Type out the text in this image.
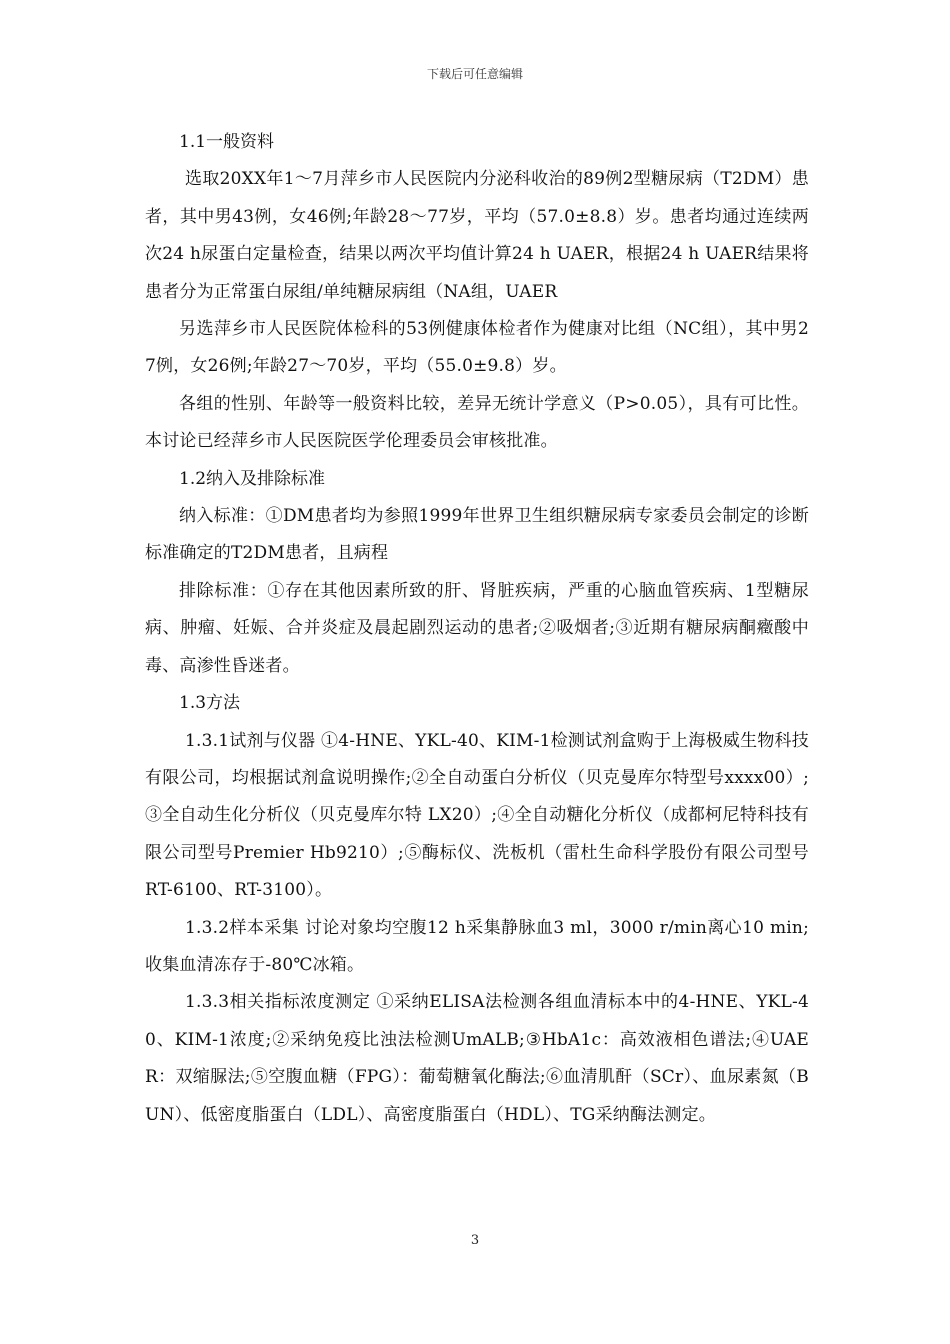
下载后可任意编辑

1.1一般资料

选取20XX年1～7月萍乡市人民医院内分泌科收治的89例2型糖尿病（T2DM）患者，其中男43例，女46例;年龄28～77岁，平均（57.0±8.8）岁。患者均通过连续两次24 h尿蛋白定量检查，结果以两次平均值计算24 h UAER，根据24 h UAER结果将患者分为正常蛋白尿组/单纯糖尿病组（NA组，UAER

另选萍乡市人民医院体检科的53例健康体检者作为健康对比组（NC组），其中男27例，女26例;年龄27～70岁，平均（55.0±9.8）岁。

各组的性别、年龄等一般资料比较，差异无统计学意义（P>0.05），具有可比性。本讨论已经萍乡市人民医院医学伦理委员会审核批准。

1.2纳入及排除标准

纳入标准：①DM患者均为参照1999年世界卫生组织糖尿病专家委员会制定的诊断标准确定的T2DM患者，且病程

排除标准：①存在其他因素所致的肝、肾脏疾病，严重的心脑血管疾病、1型糖尿病、肿瘤、妊娠、合并炎症及晨起剧烈运动的患者;②吸烟者;③近期有糖尿病酮癥酸中毒、高渗性昏迷者。

1.3方法

1.3.1试剂与仪器 ①4-HNE、YKL-40、KIM-1检测试剂盒购于上海极威生物科技有限公司，均根据试剂盒说明操作;②全自动蛋白分析仪（贝克曼库尔特型号xxxx00）;③全自动生化分析仪（贝克曼库尔特 LX20）;④全自动糖化分析仪（成都柯尼特科技有限公司型号Premier Hb9210）;⑤酶标仪、洗板机（雷杜生命科学股份有限公司型号RT-6100、RT-3100）。

1.3.2样本采集 讨论对象均空腹12 h采集静脉血3 ml，3000 r/min离心10 min;收集血清冻存于-80℃冰箱。

1.3.3相关指标浓度测定 ①采纳ELISA法检测各组血清标本中的4-HNE、YKL-40、KIM-1浓度;②采纳免疫比浊法检测UmALB;③HbA1c：高效液相色谱法;④UAER：双缩脲法;⑤空腹血糖（FPG）：葡萄糖氧化酶法;⑥血清肌酐（SCr）、血尿素氮（BUN）、低密度脂蛋白（LDL）、高密度脂蛋白（HDL）、TG采纳酶法测定。

3
